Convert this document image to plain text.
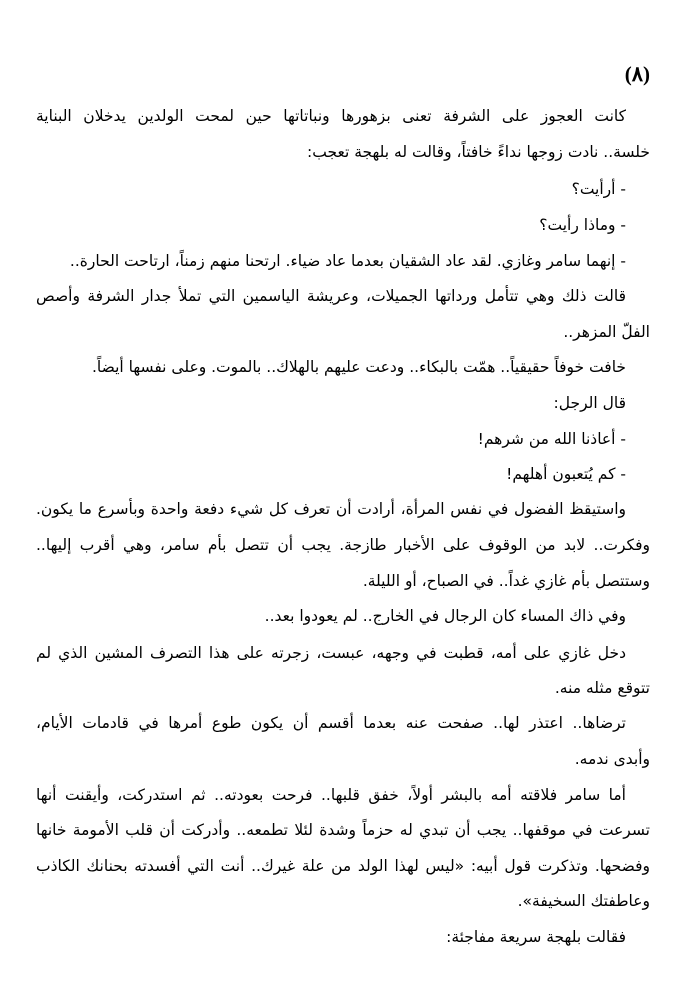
(٨)
كانت العجوز على الشرفة تعنى بزهورها ونباتاتها حين لمحت الولدين يدخلان البناية
خلسة.. نادت زوجها نداءً خافتاً، وقالت له بلهجة تعجب:
- أرأيت؟
- وماذا رأيت؟
- إنهما سامر وغازي. لقد عاد الشقيان بعدما عاد ضياء. ارتحنا منهم زمناً، ارتاحت الحارة..
قالت ذلك وهي تتأمل ورداتها الجميلات، وعريشة الياسمين التي تملأ جدار الشرفة وأصص
الفلّ المزهر..
خافت خوفاً حقيقياً.. همّت بالبكاء.. ودعت عليهم بالهلاك.. بالموت. وعلى نفسها أيضاً.
قال الرجل:
- أعاذنا الله من شرهم!
- كم يُتعبون أهلهم!
واستيقظ الفضول في نفس المرأة، أرادت أن تعرف كل شيء دفعة واحدة وبأسرع ما يكون.
وفكرت.. لابد من الوقوف على الأخبار طازجة. يجب أن تتصل بأم سامر، وهي أقرب إليها..
وستتصل بأم غازي غداً.. في الصباح، أو الليلة.
وفي ذاك المساء كان الرجال في الخارج.. لم يعودوا بعد..
دخل غازي على أمه، قطبت في وجهه، عبست، زجرته على هذا التصرف المشين الذي لم
تتوقع مثله منه.
ترضاها.. اعتذر لها.. صفحت عنه بعدما أقسم أن يكون طوع أمرها في قادمات الأيام،
وأبدى ندمه.
أما سامر فلاقته أمه بالبشر أولاً، خفق قلبها.. فرحت بعودته.. ثم استدركت، وأيقنت أنها
تسرعت في موقفها.. يجب أن تبدي له حزماً وشدة لئلا تطمعه.. وأدركت أن قلب الأمومة خانها
وفضحها. وتذكرت قول أبيه: «ليس لهذا الولد من علة غيرك.. أنت التي أفسدته بحنانك الكاذب
وعاطفتك السخيفة».
فقالت بلهجة سريعة مفاجئة:
